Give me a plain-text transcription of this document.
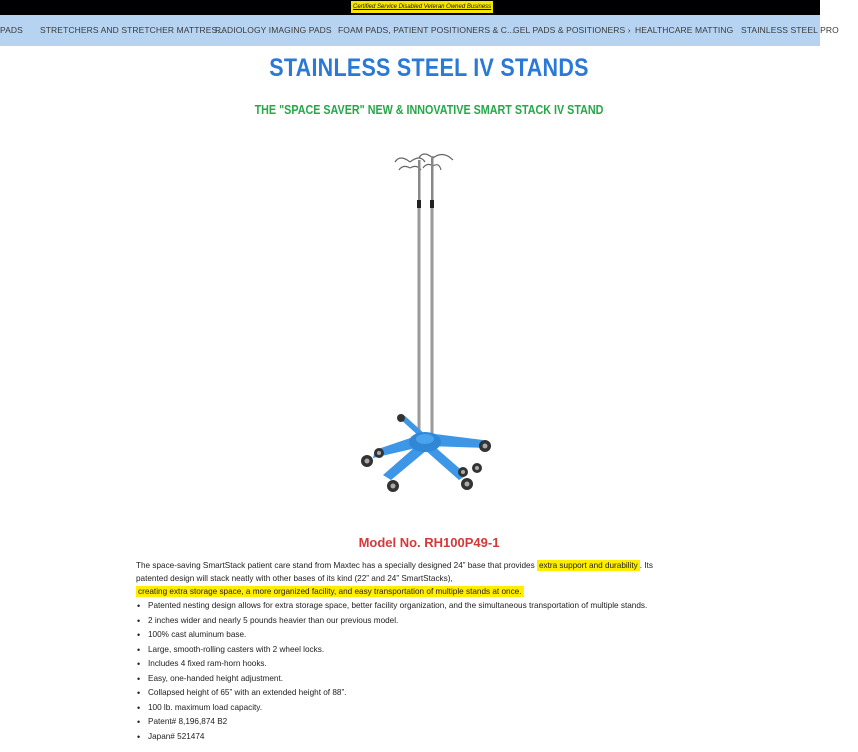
Certified Service Disabled Veteran Owned Business
PADS STRETCHERS AND STRETCHER MATTRES...
RADIOLOGY IMAGING PADS FOAM PADS, PATIENT POSITIONERS & C...
GEL PADS & POSITIONERS › HEALTHCARE MATTING STAINLESS STEEL PRO
STAINLESS STEEL IV STANDS
THE "SPACE SAVER" NEW & INNOVATIVE SMART STACK IV STAND
Model No. RH100P49-1
The space-saving SmartStack patient care stand from Maxtec has a specially designed 24” base that provides extra support and durability . Its
patented design will stack neatly with other bases of its kind (22” and 24” SmartStacks),
creating extra storage space, a more organized facility, and easy transportation of multiple stands at once.
• Patented nesting design allows for extra storage space, better facility organization, and the simultaneous transportation of multiple stands.
• 2 inches wider and nearly 5 pounds heavier than our previous model.
• 100% cast aluminum base.
• Large, smooth-rolling casters with 2 wheel locks.
• Includes 4 fixed ram-horn hooks.
• Easy, one-handed height adjustment.
• Collapsed height of 65” with an extended height of 88”.
• 100 lb. maximum load capacity.
• Patent# 8,196,874 B2
• Japan# 521474
